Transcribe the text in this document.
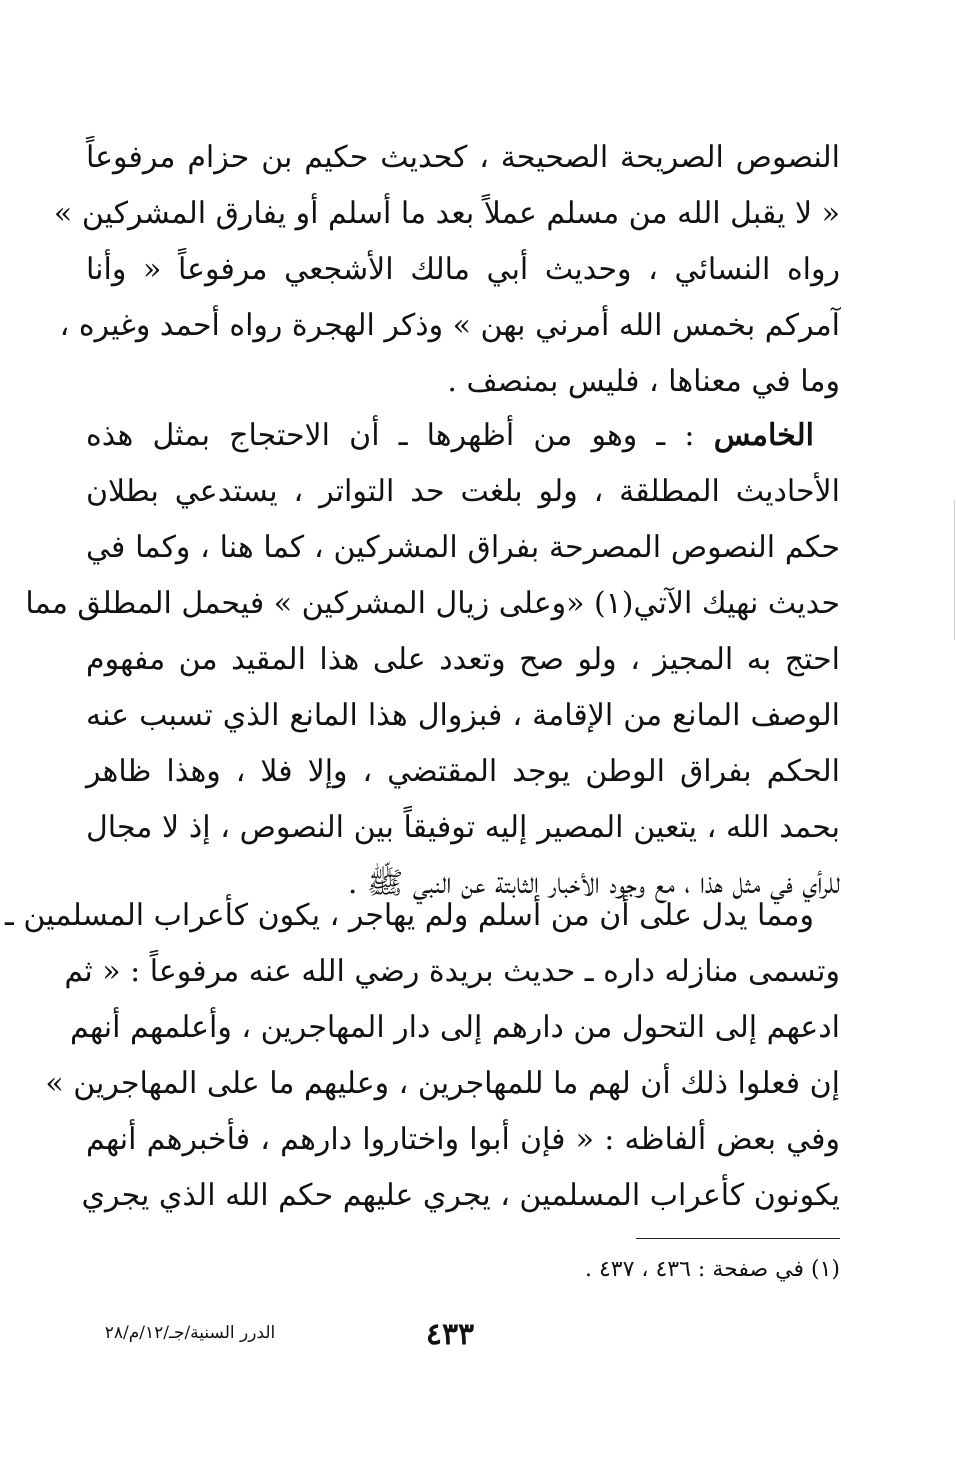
النصوص الصريحة الصحيحة ، كحديث حكيم بن حزام مرفوعاً
« لا يقبل الله من مسلم عملاً بعد ما أسلم أو يفارق المشركين »
رواه النسائي ، وحديث أبي مالك الأشجعي مرفوعاً « وأنا
آمركم بخمس الله أمرني بهن » وذكر الهجرة رواه أحمد وغيره ،
وما في معناها ، فليس بمنصف .
الخامس : ـ وهو من أظهرها ـ أن الاحتجاج بمثل هذه
الأحاديث المطلقة ، ولو بلغت حد التواتر ، يستدعي بطلان
حكم النصوص المصرحة بفراق المشركين ، كما هنا ، وكما في
حديث نهيك الآتي(١) «وعلى زيال المشركين » فيحمل المطلق مما
احتج به المجيز ، ولو صح وتعدد على هذا المقيد من مفهوم
الوصف المانع من الإقامة ، فبزوال هذا المانع الذي تسبب عنه
الحكم بفراق الوطن يوجد المقتضي ، وإلا فلا ، وهذا ظاهر
بحمد الله ، يتعين المصير إليه توفيقاً بين النصوص ، إذ لا مجال
للرأي في مثل هذا ، مع وجود الأخبار الثابتة عن النبي ﷺ .
ومما يدل على أن من أسلم ولم يهاجر ، يكون كأعراب المسلمين ـ
وتسمى منازله داره ـ حديث بريدة رضي الله عنه مرفوعاً : « ثم
ادعهم إلى التحول من دارهم إلى دار المهاجرين ، وأعلمهم أنهم
إن فعلوا ذلك أن لهم ما للمهاجرين ، وعليهم ما على المهاجرين »
وفي بعض ألفاظه : « فإن أبوا واختاروا دارهم ، فأخبرهم أنهم
يكونون كأعراب المسلمين ، يجري عليهم حكم الله الذي يجري
(١) في صفحة : ٤٣٦ ، ٤٣٧ .
٤٣٣
الدرر السنية/جـ/١٢/م/٢٨
